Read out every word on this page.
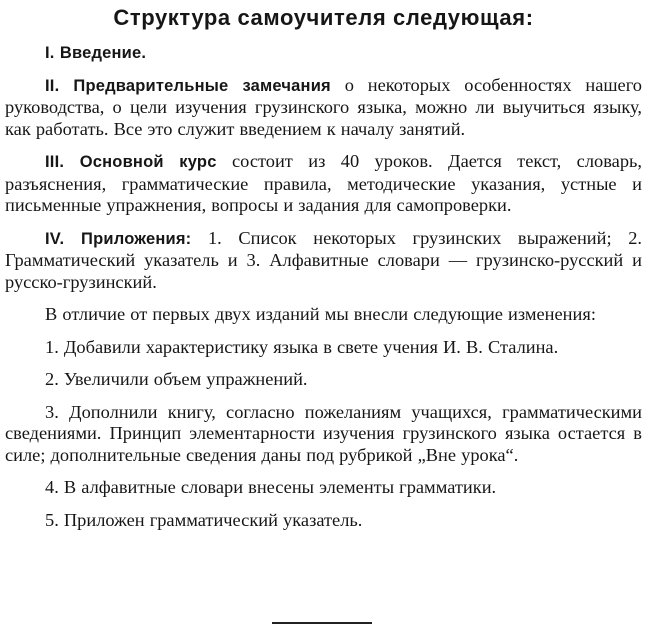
Структура самоучителя следующая:

I. Введение.

II. Предварительные замечания о некоторых особенностях нашего руководства, о цели изучения грузинского языка, можно ли выучиться языку, как работать. Все это служит введением к началу занятий.

III. Основной курс состоит из 40 уроков. Дается текст, словарь, разъяснения, грамматические правила, методические указания, устные и письменные упражнения, вопросы и задания для самопроверки.

IV. Приложения: 1. Список некоторых грузинских выражений; 2. Грамматический указатель и 3. Алфавитные словари — грузинско-русский и русско-грузинский.

В отличие от первых двух изданий мы внесли следующие изменения:

1. Добавили характеристику языка в свете учения И. В. Сталина.

2. Увеличили объем упражнений.

3. Дополнили книгу, согласно пожеланиям учащихся, грамматическими сведениями. Принцип элементарности изучения грузинского языка остается в силе; дополнительные сведения даны под рубрикой „Вне урока“.

4. В алфавитные словари внесены элементы грамматики.

5. Приложен грамматический указатель.
